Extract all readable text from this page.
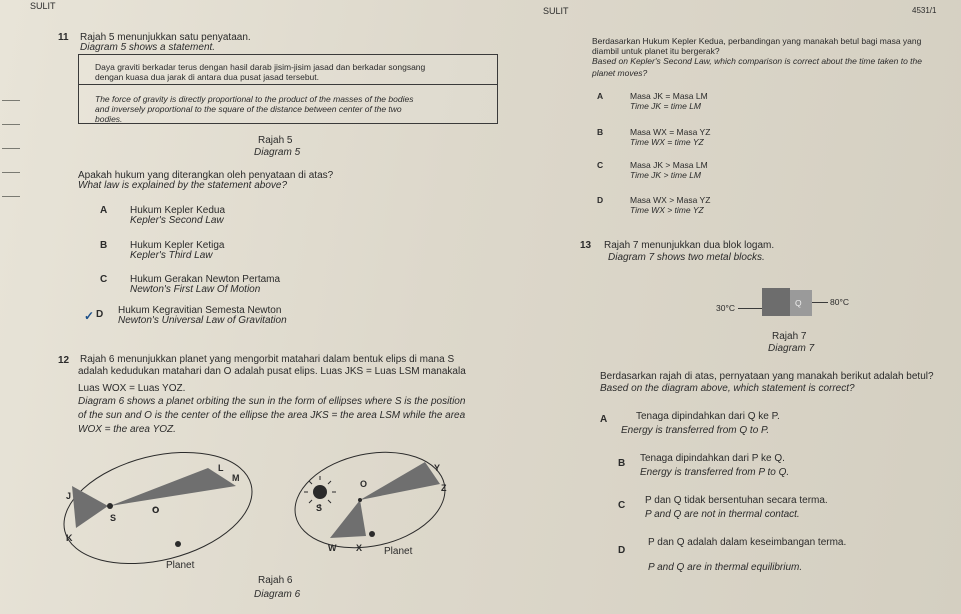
SULIT	SULIT	4531/1
11 Rajah 5 menunjukkan satu penyataan.
Diagram 5 shows a statement.
Daya graviti berkadar terus dengan hasil darab jisim-jisim jasad dan berkadar songsang
dengan kuasa dua jarak di antara dua pusat jasad tersebut.
The force of gravity is directly proportional to the product of the masses of the bodies
and inversely proportional to the square of the distance between center of the two
bodies.
Rajah 5
Diagram 5
Apakah hukum yang diterangkan oleh penyataan di atas?
What law is explained by the statement above?
A Hukum Kepler Kedua
Kepler's Second Law
B Hukum Kepler Ketiga
Kepler's Third Law
C Hukum Gerakan Newton Pertama
Newton's First Law Of Motion
✓ D Hukum Kegravitian Semesta Newton
Newton's Universal Law of Gravitation
12 Rajah 6 menunjukkan planet yang mengorbit matahari dalam bentuk elips di mana S
adalah kedudukan matahari dan O adalah pusat elips. Luas JKS = Luas LSM manakala
Luas WOX = Luas YOZ.
Diagram 6 shows a planet orbiting the sun in the form of ellipses where S is the position
of the sun and O is the center of the ellipse the area JKS = the area LSM while the area
WOX = the area YOZ.
L
M
J
S
O
K
Planet
Y
O	Z
S
W X Planet
Rajah 6
Diagram 6
Berdasarkan Hukum Kepler Kedua, perbandingan yang manakah betul bagi masa yang
diambil untuk planet itu bergerak?
Based on Kepler's Second Law, which comparison is correct about the time taken to the
planet moves?
A	Masa JK = Masa LM
Time JK = time LM
B	Masa WX = Masa YZ
Time WX = time YZ
C	Masa JK > Masa LM
Time JK > time LM
D	Masa WX > Masa YZ
Time WX > time YZ
13 Rajah 7 menunjukkan dua blok logam.
Diagram 7 shows two metal blocks.
30°C	Q	80°C
Rajah 7
Diagram 7
Berdasarkan rajah di atas, pernyataan yang manakah berikut adalah betul?
Based on the diagram above, which statement is correct?
A	Tenaga dipindahkan dari Q ke P.
Energy is transferred from Q to P.
B Tenaga dipindahkan dari P ke Q.
Energy is transferred from P to Q.
C P dan Q tidak bersentuhan secara terma.
P and Q are not in thermal contact.
D
P dan Q adalah dalam keseimbangan terma.
P and Q are in thermal equilibrium.
